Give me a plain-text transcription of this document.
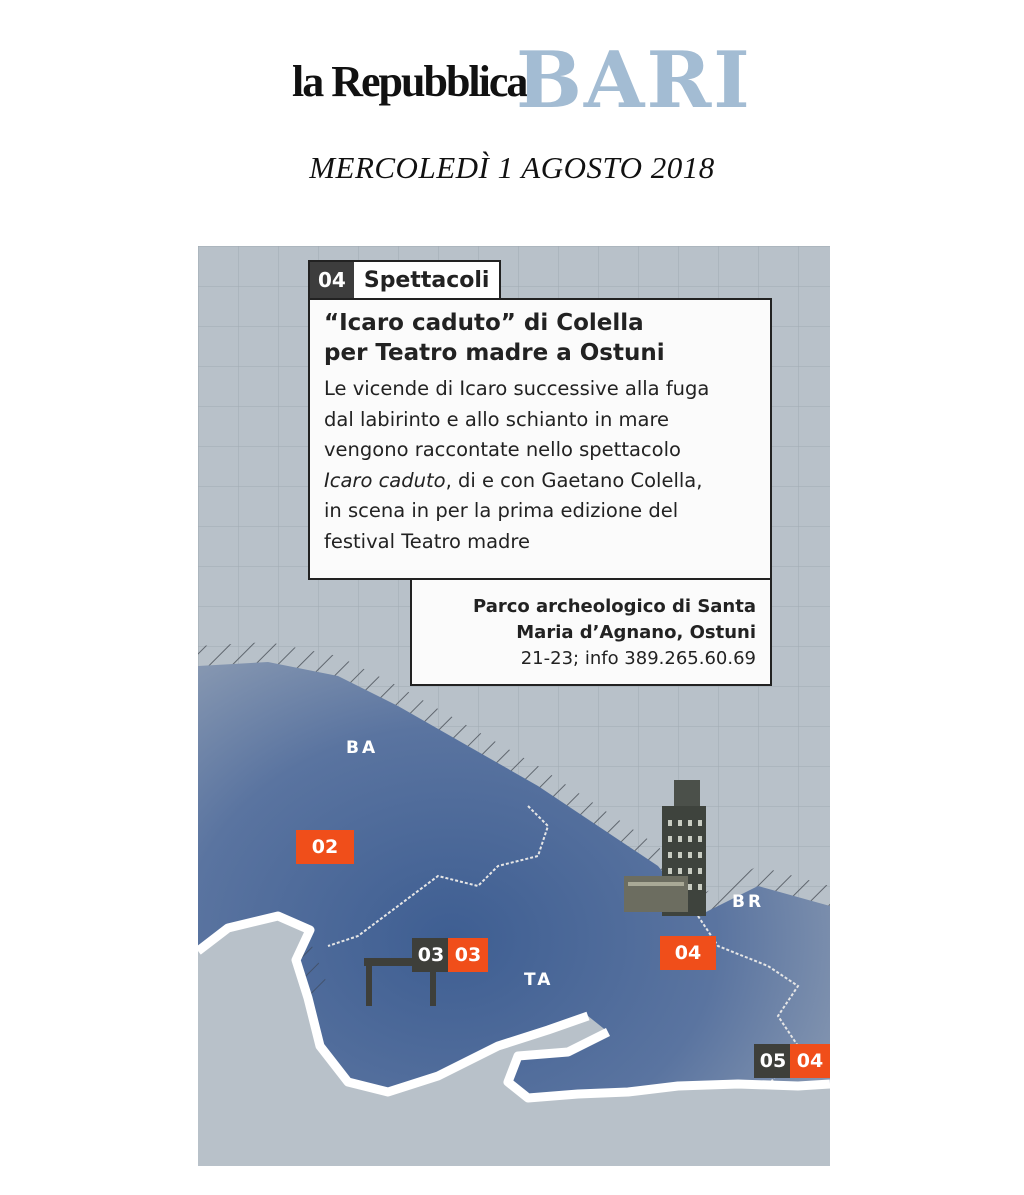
la Repubblica
BARI
MERCOLEDÌ 1 AGOSTO 2018
04 Spettacoli
“Icaro caduto” di Colella
per Teatro madre a Ostuni
Le vicende di Icaro successive alla fuga
dal labirinto e allo schianto in mare
vengono raccontate nello spettacolo
Icaro caduto, di e con Gaetano Colella,
in scena in per la prima edizione del
festival Teatro madre
Parco archeologico di Santa
Maria d’Agnano, Ostuni
21-23; info 389.265.60.69
BA
BR
TA
02
03 03	04
05 04
